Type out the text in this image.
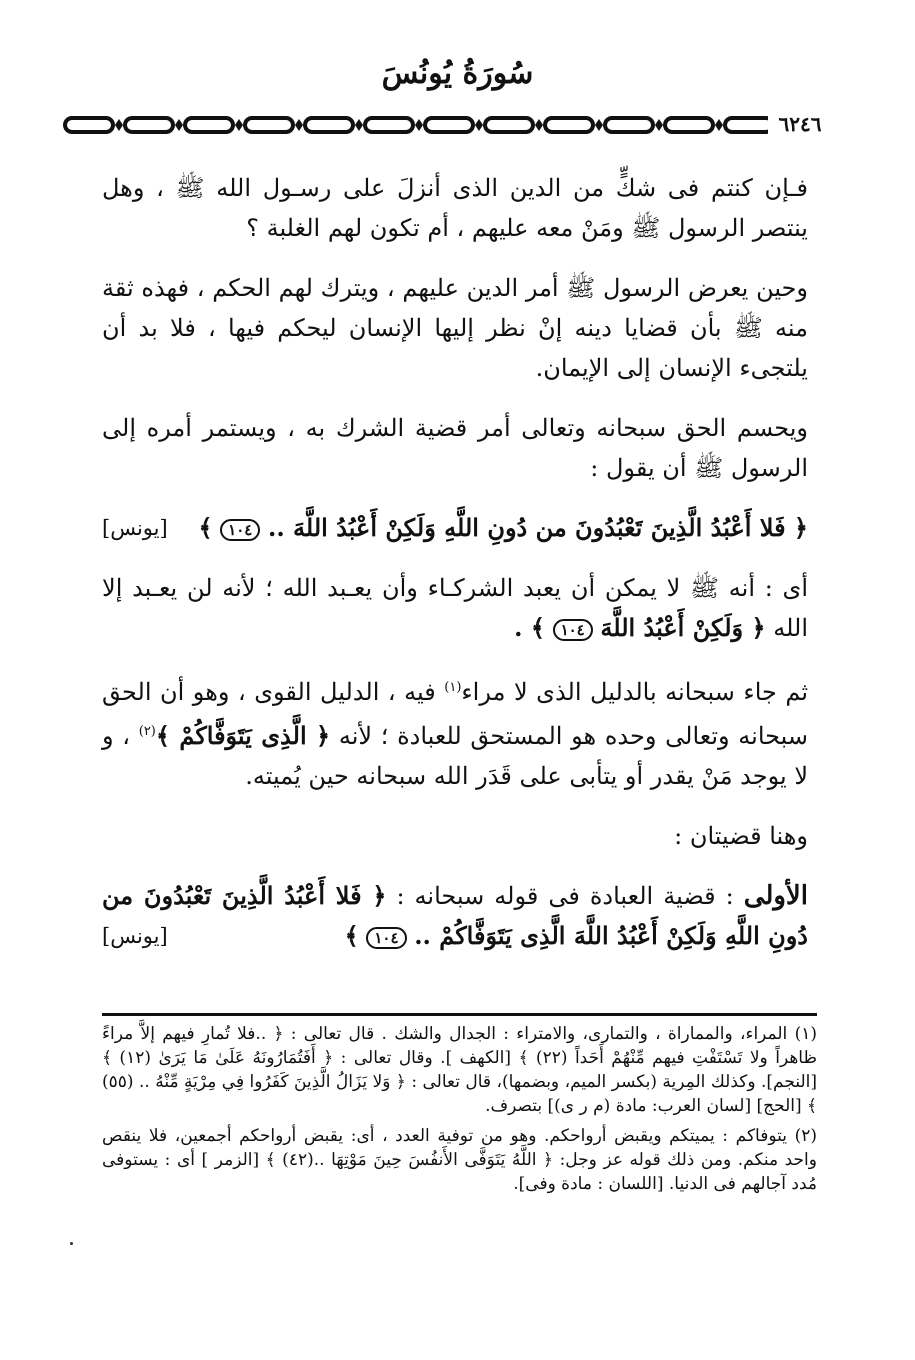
سُورَةُ يُونُسَ
٦٢٤٦

فـإن كنتم فى شكٍّ من الدين الذى أنزلَ على رسـول الله ﷺ ، وهل ينتصر الرسول ﷺ ومَنْ معه عليهم ، أم تكون لهم الغلبة ؟

وحين يعرض الرسول ﷺ أمر الدين عليهم ، ويترك لهم الحكم ، فهذه ثقة منه ﷺ بأن قضايا دينه إنْ نظر إليها الإنسان ليحكم فيها ، فلا بد أن يلتجىء الإنسان إلى الإيمان.

ويحسم الحق سبحانه وتعالى أمر قضية الشرك به ، ويستمر أمره إلى الرسول ﷺ أن يقول :

﴿ فَلا أَعْبُدُ الَّذِينَ تَعْبُدُونَ من دُونِ اللَّهِ وَلَكِنْ أَعْبُدُ اللَّهَ .. ١٠٤ ﴾
[يونس]

أى : أنه ﷺ لا يمكن أن يعبد الشركـاء وأن يعـبد الله ؛ لأنه لن يعـبد إلا الله ﴿ وَلَكِنْ أَعْبُدُ اللَّهَ ١٠٤ ﴾ .

ثم جاء سبحانه بالدليل الذى لا مراء$^{(١)}$ فيه ، الدليل القوى ، وهو أن الحق سبحانه وتعالى وحده هو المستحق للعبادة ؛ لأنه ﴿ الَّذِى يَتَوَفَّاكُمْ ﴾$^{(٢)}$ ، و لا يوجد مَنْ يقدر أو يتأبى على قَدَر الله سبحانه حين يُميته.

وهنا قضيتان :

الأولى : قضية العبادة فى قوله سبحانه : ﴿ فَلا أَعْبُدُ الَّذِينَ تَعْبُدُونَ من دُونِ اللَّهِ وَلَكِنْ أَعْبُدُ اللَّهَ الَّذِى يَتَوَفَّاكُمْ .. ١٠٤ ﴾
[يونس]

(١) المراء، والمماراة ، والتمارى، والامتراء : الجدال والشك . قال تعالى : ﴿ ..فلا تُمارِ فيهم إلاَّ مراءً ظاهراً ولا تَسْتَفْتِ فيهم مِّنْهُمْ أَحَداً (٢٢) ﴾ [الكهف ]. وقال تعالى : ﴿ أَفَتُمَارُونَهُ عَلَىٰ مَا يَرَىٰ (١٢) ﴾ [النجم]. وكذلك المِرية (بكسر الميم، وبضمها)، قال تعالى : ﴿ وَلا يَزَالُ الَّذِينَ كَفَرُوا فِي مِرْيَةٍ مِّنْهُ .. (٥٥) ﴾ [الحج] [لسان العرب: مادة (م ر ى)] بتصرف.

(٢) يتوفاكم : يميتكم ويقبض أرواحكم. وهو من توفية العدد ، أى: يقبض أرواحكم أجمعين، فلا ينقص واحد منكم. ومن ذلك قوله عز وجل: ﴿ اللَّهُ يَتَوَفَّى الأَنفُسَ حِينَ مَوْتِهَا ..(٤٢) ﴾ [الزمر ] أى : يستوفى مُدد آجالهم فى الدنيا. [اللسان : مادة وفى].
